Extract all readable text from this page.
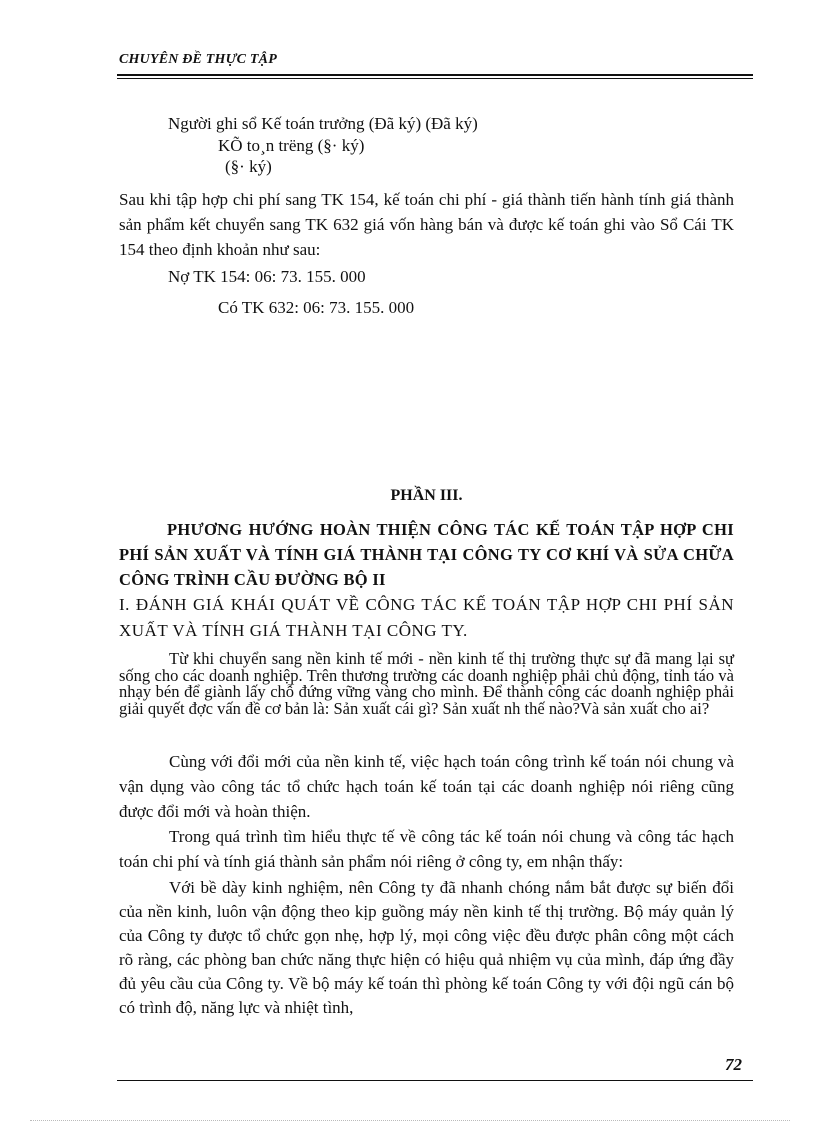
CHUYÊN ĐỀ THỰC TẬP
Người ghi sổ Kế toán trưởng (Đã ký) (Đã ký)
KÕ to¸n trëng (§· ký)
(§· ký)
Sau khi tập hợp chi phí sang TK 154, kế toán chi phí - giá thành tiến hành tính giá thành sản phẩm kết chuyển sang TK 632 giá vốn hàng bán và được kế toán ghi vào Sổ Cái TK 154 theo định khoản như sau:
Nợ TK 154: 06: 73. 155. 000
Có TK 632: 06: 73. 155. 000
PHẦN III.
PHƯƠNG HƯỚNG HOÀN THIỆN CÔNG TÁC KẾ TOÁN TẬP HỢP CHI PHÍ SẢN XUẤT VÀ TÍNH GIÁ THÀNH TẠI CÔNG TY CƠ KHÍ VÀ SỬA CHỮA CÔNG TRÌNH CẦU ĐƯỜNG BỘ II
I. ĐÁNH GIÁ KHÁI QUÁT VỀ CÔNG TÁC KẾ TOÁN TẬP HỢP CHI PHÍ SẢN XUẤT VÀ TÍNH GIÁ THÀNH TẠI CÔNG TY.
Từ khi chuyển sang nền kinh tế mới - nền kinh tế thị trường thực sự đã mang lại sự sống cho các doanh nghiệp. Trên thương trường các doanh nghiệp phải chủ động, tỉnh táo và nhạy bén để giành lấy chỗ đứng vững vàng cho mình. Để thành công các doanh nghiệp phải giải quyết đợc vấn đề cơ bản là: Sản xuất cái gì? Sản xuất nh thế nào?Và sản xuất cho ai?
Cùng với đổi mới của nền kinh tế, việc hạch toán công trình kế toán nói chung và vận dụng vào công tác tổ chức hạch toán kế toán tại các doanh nghiệp nói riêng cũng được đổi mới và hoàn thiện.
Trong quá trình tìm hiểu thực tế về công tác kế toán nói chung và công tác hạch toán chi phí và tính giá thành sản phẩm nói riêng ở công ty, em nhận thấy:
Với bề dày kinh nghiệm, nên Công ty đã nhanh chóng nắm bắt được sự biến đổi của nền kinh, luôn vận động theo kịp guồng máy nền kinh tế thị trường. Bộ máy quản lý của Công ty được tổ chức gọn nhẹ, hợp lý, mọi công việc đều được phân công một cách rõ ràng, các phòng ban chức năng thực hiện có hiệu quả nhiệm vụ của mình, đáp ứng đầy đủ yêu cầu của Công ty. Về bộ máy kế toán thì phòng kế toán Công ty với đội ngũ cán bộ có trình độ, năng lực và nhiệt tình,
72
